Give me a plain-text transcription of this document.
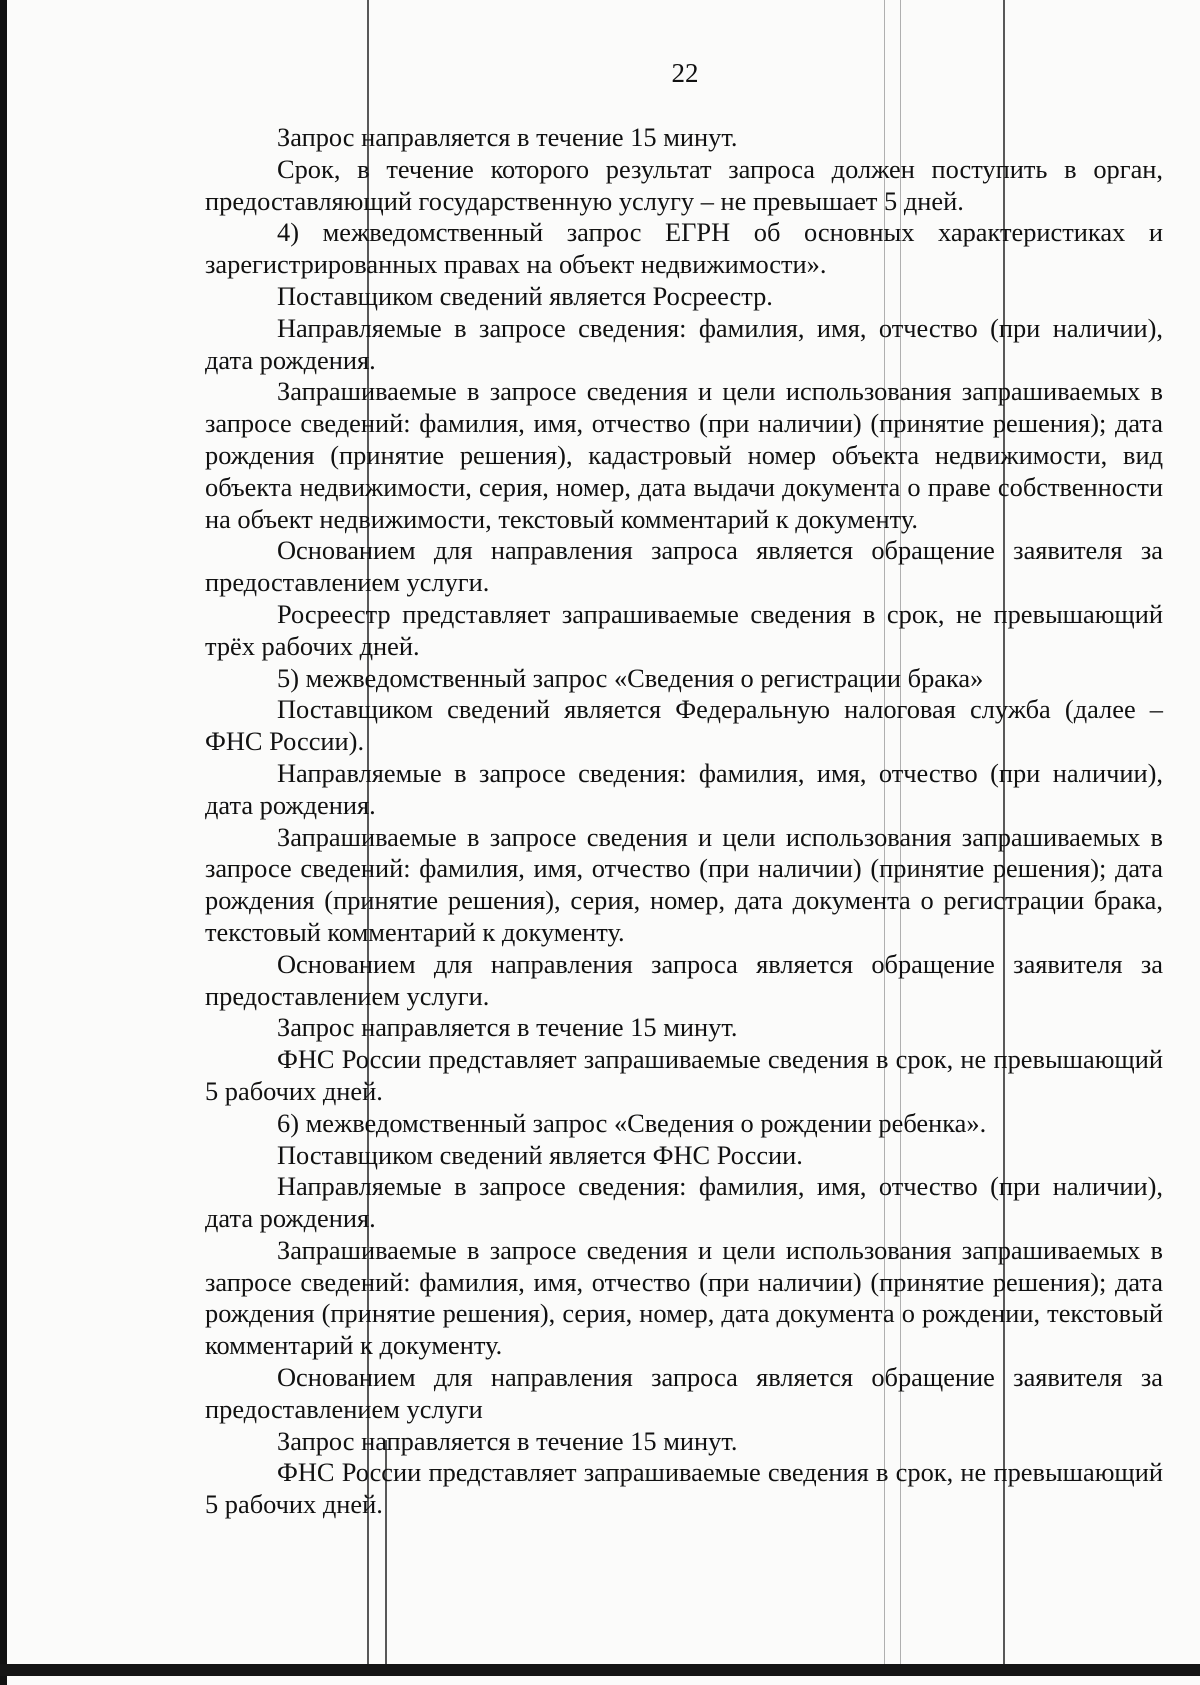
22

Запрос направляется в течение 15 минут.

Срок, в течение которого результат запроса должен поступить в орган, предоставляющий государственную услугу – не превышает 5 дней.

4) межведомственный запрос ЕГРН об основных характеристиках и зарегистрированных правах на объект недвижимости».

Поставщиком сведений является Росреестр.

Направляемые в запросе сведения: фамилия, имя, отчество (при наличии), дата рождения.

Запрашиваемые в запросе сведения и цели использования запрашиваемых в запросе сведений: фамилия, имя, отчество (при наличии) (принятие решения); дата рождения (принятие решения), кадастровый номер объекта недвижимости, вид объекта недвижимости, серия, номер, дата выдачи документа о праве собственности на объект недвижимости, текстовый комментарий к документу.

Основанием для направления запроса является обращение заявителя за предоставлением услуги.

Росреестр представляет запрашиваемые сведения в срок, не превышающий трёх рабочих дней.

5) межведомственный запрос «Сведения о регистрации брака»

Поставщиком сведений является Федеральную налоговая служба (далее – ФНС России).

Направляемые в запросе сведения: фамилия, имя, отчество (при наличии), дата рождения.

Запрашиваемые в запросе сведения и цели использования запрашиваемых в запросе сведений: фамилия, имя, отчество (при наличии) (принятие решения); дата рождения (принятие решения), серия, номер, дата документа о регистрации брака, текстовый комментарий к документу.

Основанием для направления запроса является обращение заявителя за предоставлением услуги.

Запрос направляется в течение 15 минут.

ФНС России представляет запрашиваемые сведения в срок, не превышающий 5 рабочих дней.

6) межведомственный запрос «Сведения о рождении ребенка».

Поставщиком сведений является ФНС России.

Направляемые в запросе сведения: фамилия, имя, отчество (при наличии), дата рождения.

Запрашиваемые в запросе сведения и цели использования запрашиваемых в запросе сведений: фамилия, имя, отчество (при наличии) (принятие решения); дата рождения (принятие решения), серия, номер, дата документа о рождении, текстовый комментарий к документу.

Основанием для направления запроса является обращение заявителя за предоставлением услуги

Запрос направляется в течение 15 минут.

ФНС России представляет запрашиваемые сведения в срок, не превышающий 5 рабочих дней.
